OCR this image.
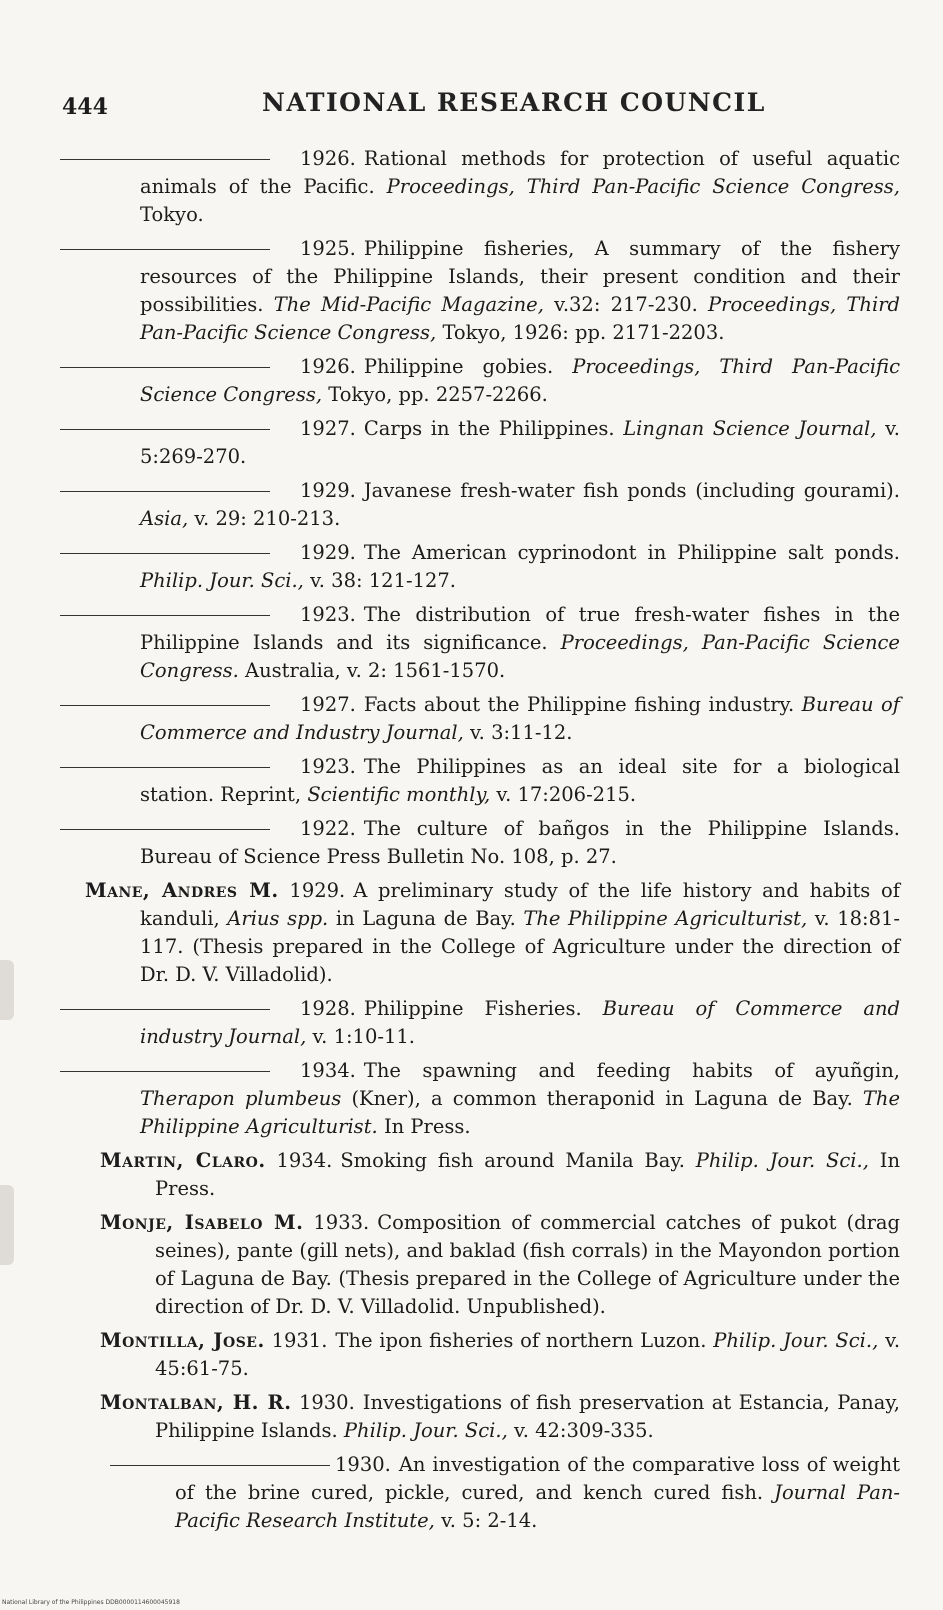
444	NATIONAL RESEARCH COUNCIL
1926. Rational methods for protection of useful aquatic animals of the Pacific. Proceedings, Third Pan-Pacific Science Congress, Tokyo.
1925. Philippine fisheries, A summary of the fishery resources of the Philippine Islands, their present condition and their possibilities. The Mid-Pacific Magazine, v.32: 217-230. Proceedings, Third Pan-Pacific Science Congress, Tokyo, 1926: pp. 2171-2203.
1926. Philippine gobies. Proceedings, Third Pan-Pacific Science Congress, Tokyo, pp. 2257-2266.
1927. Carps in the Philippines. Lingnan Science Journal, v. 5:269-270.
1929. Javanese fresh-water fish ponds (including gourami). Asia, v. 29: 210-213.
1929. The American cyprinodont in Philippine salt ponds. Philip. Jour. Sci., v. 38: 121-127.
1923. The distribution of true fresh-water fishes in the Philippine Islands and its significance. Proceedings, Pan-Pacific Science Congress. Australia, v. 2: 1561-1570.
1927. Facts about the Philippine fishing industry. Bureau of Commerce and Industry Journal, v. 3:11-12.
1923. The Philippines as an ideal site for a biological station. Reprint, Scientific monthly, v. 17:206-215.
1922. The culture of bañgos in the Philippine Islands. Bureau of Science Press Bulletin No. 108, p. 27.
Mane, Andres M. 1929. A preliminary study of the life history and habits of kanduli, Arius spp. in Laguna de Bay. The Philippine Agriculturist, v. 18:81-117. (Thesis prepared in the College of Agriculture under the direction of Dr. D. V. Villadolid).
1928. Philippine Fisheries. Bureau of Commerce and industry Journal, v. 1:10-11.
1934. The spawning and feeding habits of ayuñgin, Therapon plumbeus (Kner), a common theraponid in Laguna de Bay. The Philippine Agriculturist. In Press.
Martin, Claro. 1934. Smoking fish around Manila Bay. Philip. Jour. Sci., In Press.
Monje, Isabelo M. 1933. Composition of commercial catches of pukot (drag seines), pante (gill nets), and baklad (fish corrals) in the Mayondon portion of Laguna de Bay. (Thesis prepared in the College of Agriculture under the direction of Dr. D. V. Villadolid. Unpublished).
Montilla, Jose. 1931. The ipon fisheries of northern Luzon. Philip. Jour. Sci., v. 45:61-75.
Montalban, H. R. 1930. Investigations of fish preservation at Estancia, Panay, Philippine Islands. Philip. Jour. Sci., v. 42:309-335.
1930. An investigation of the comparative loss of weight of the brine cured, pickle, cured, and kench cured fish. Journal Pan-Pacific Research Institute, v. 5: 2-14.
National Library of the Philippines DDB0000114600045918
